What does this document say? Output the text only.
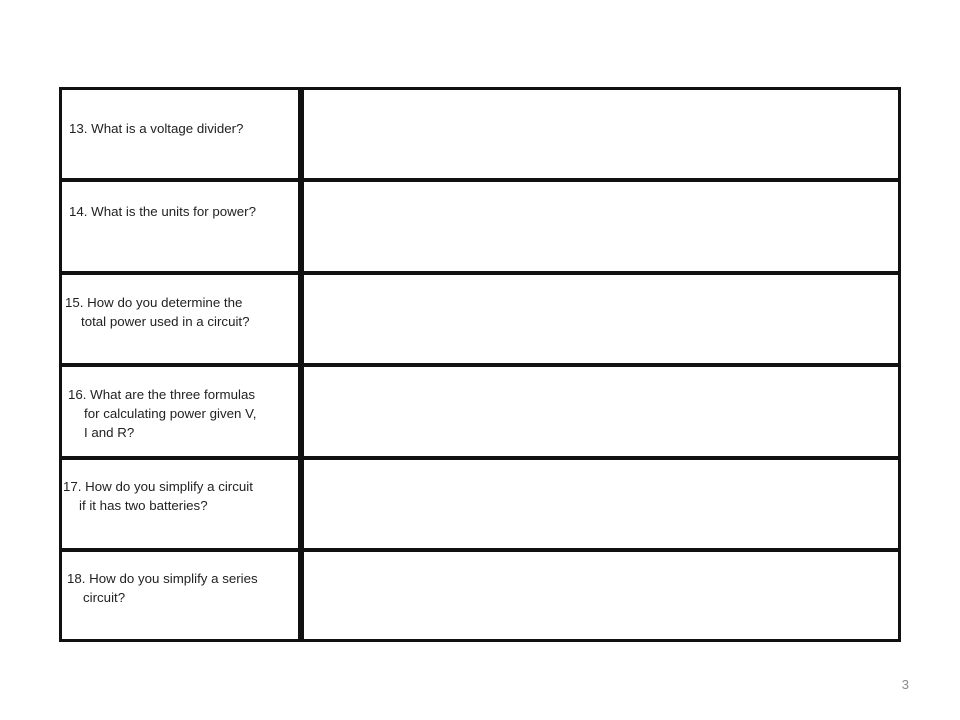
13. What is a voltage divider?
14. What is the units for power?
15. How do you determine the
total power used in a circuit?
16. What are the three formulas
for calculating power given V,
I and R?
17. How do you simplify a circuit
if it has two batteries?
18. How do you simplify a series
circuit?
3
